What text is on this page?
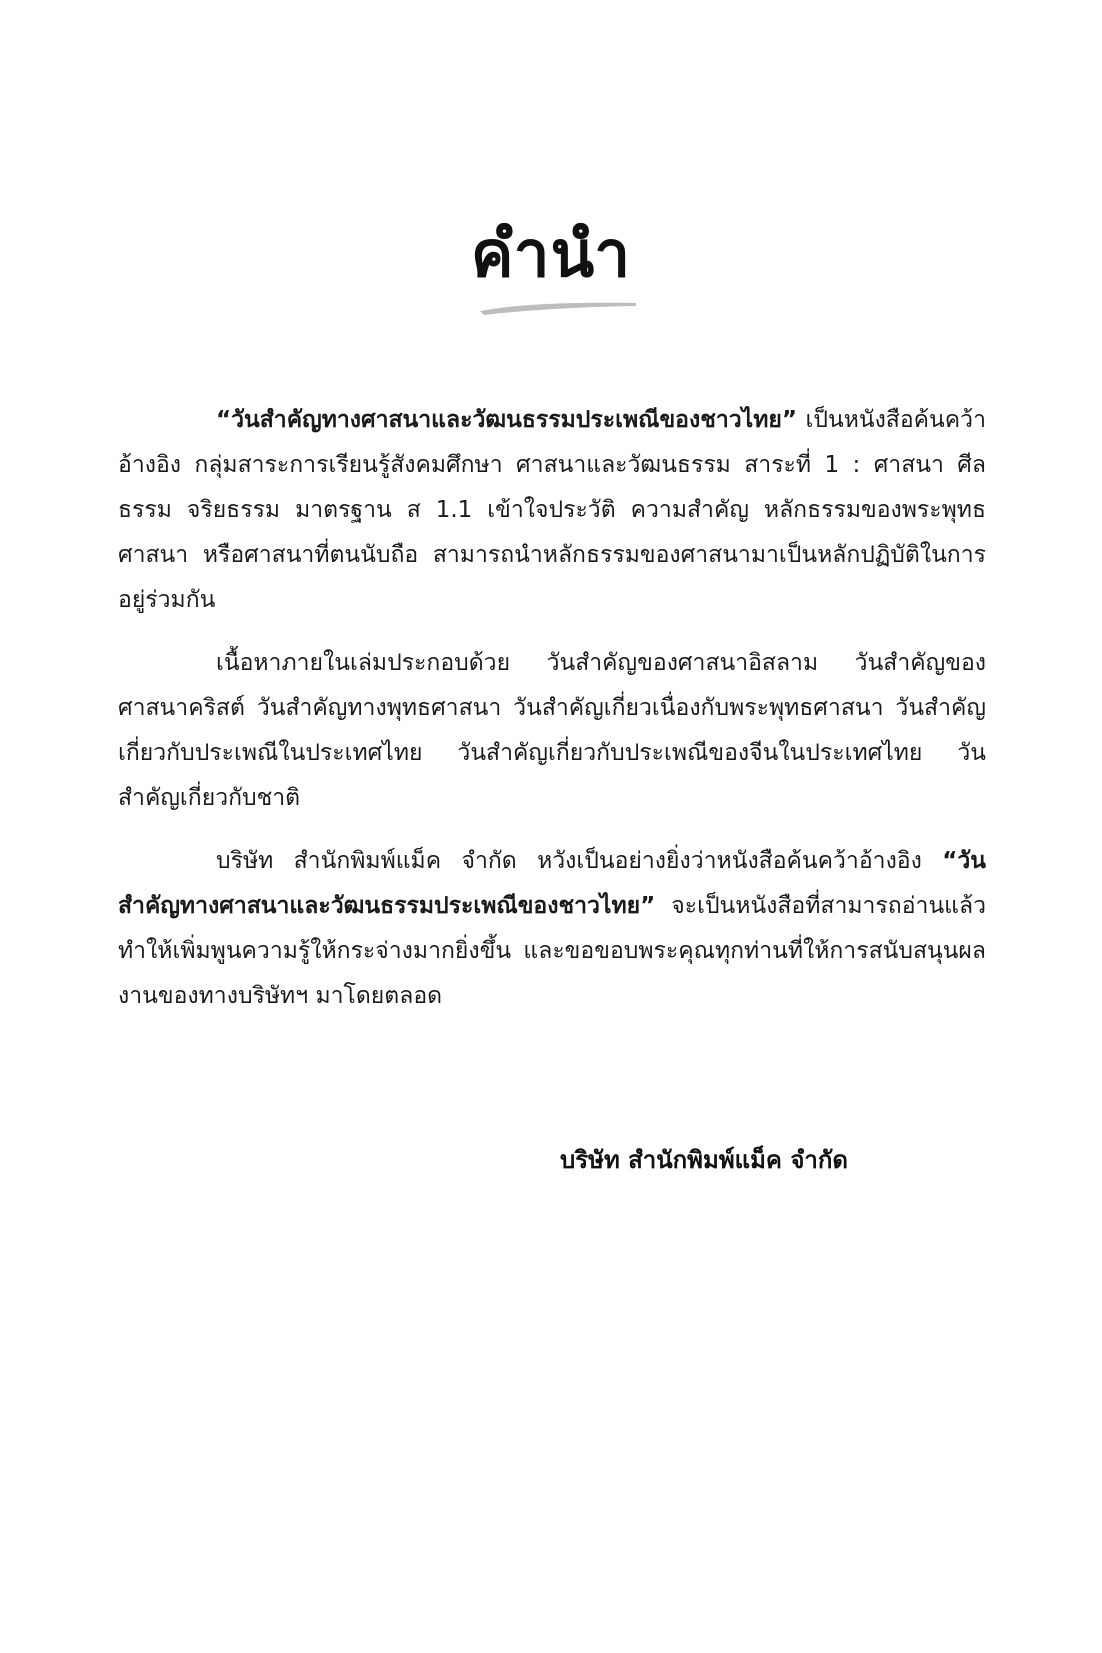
คำนำ

“วันสำคัญทางศาสนาและวัฒนธรรมประเพณีของชาวไทย” เป็นหนังสือค้นคว้าอ้างอิง กลุ่มสาระการเรียนรู้สังคมศึกษา ศาสนาและวัฒนธรรม สาระที่ 1 : ศาสนา ศีลธรรม จริยธรรม มาตรฐาน ส 1.1 เข้าใจประวัติ ความสำคัญ หลักธรรมของพระพุทธศาสนา หรือศาสนาที่ตนนับถือ สามารถนำหลักธรรมของศาสนามาเป็นหลักปฏิบัติในการอยู่ร่วมกัน

เนื้อหาภายในเล่มประกอบด้วย วันสำคัญของศาสนาอิสลาม วันสำคัญของศาสนาคริสต์ วันสำคัญทางพุทธศาสนา วันสำคัญเกี่ยวเนื่องกับพระพุทธศาสนา วันสำคัญเกี่ยวกับประเพณีในประเทศไทย วันสำคัญเกี่ยวกับประเพณีของจีนในประเทศไทย วันสำคัญเกี่ยวกับชาติ

บริษัท สำนักพิมพ์แม็ค จำกัด หวังเป็นอย่างยิ่งว่าหนังสือค้นคว้าอ้างอิง “วันสำคัญทางศาสนาและวัฒนธรรมประเพณีของชาวไทย” จะเป็นหนังสือที่สามารถอ่านแล้วทำให้เพิ่มพูนความรู้ให้กระจ่างมากยิ่งขึ้น และขอขอบพระคุณทุกท่านที่ให้การสนับสนุนผลงานของทางบริษัทฯ มาโดยตลอด

บริษัท สำนักพิมพ์แม็ค จำกัด
